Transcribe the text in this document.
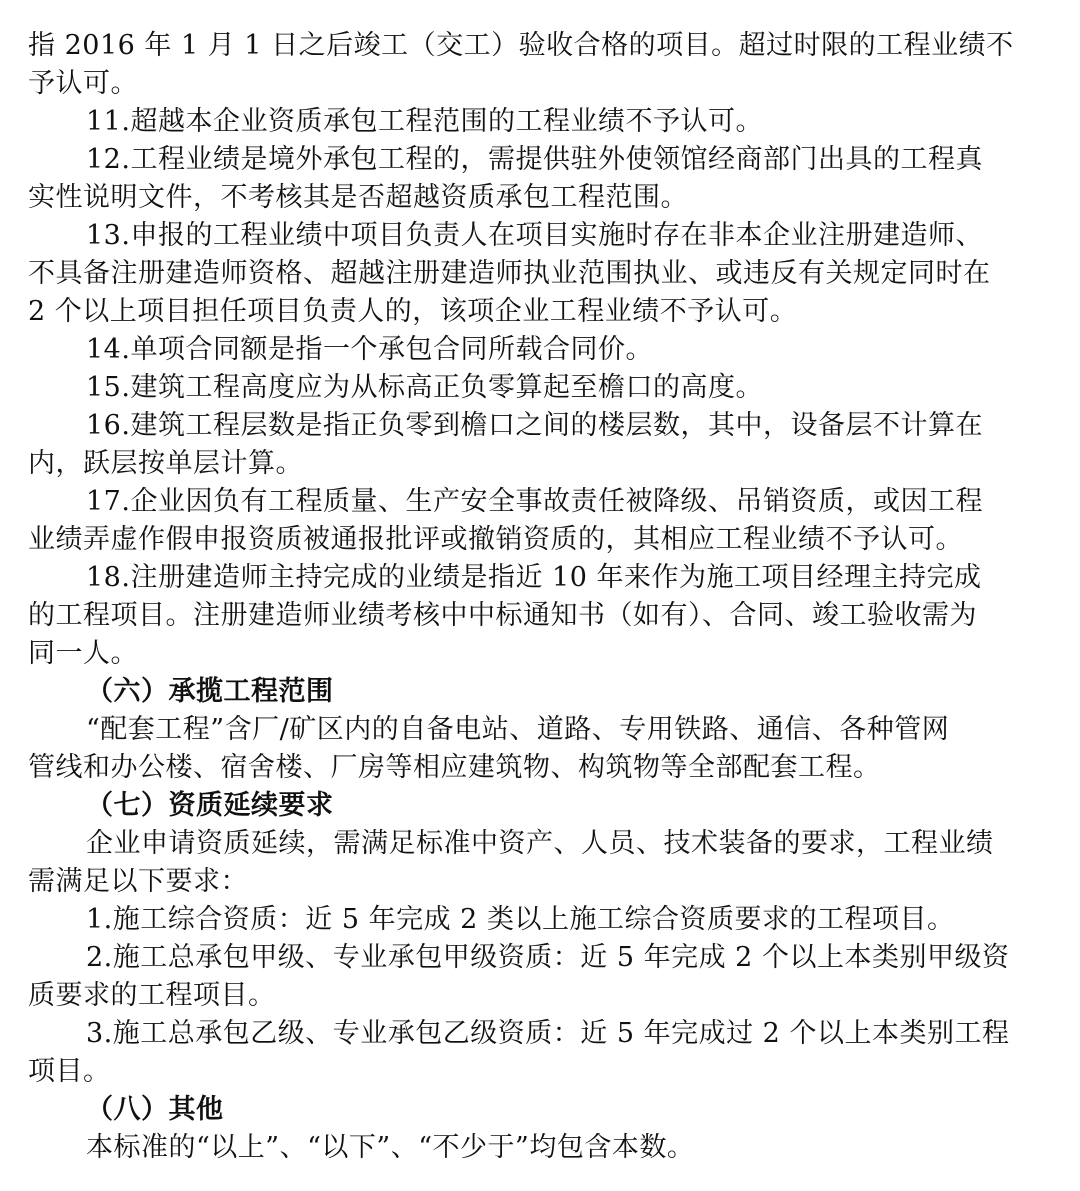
指 2016 年 1 月 1 日之后竣工（交工）验收合格的项目。超过时限的工程业绩不
予认可。
11.超越本企业资质承包工程范围的工程业绩不予认可。
12.工程业绩是境外承包工程的，需提供驻外使领馆经商部门出具的工程真
实性说明文件，不考核其是否超越资质承包工程范围。
13.申报的工程业绩中项目负责人在项目实施时存在非本企业注册建造师、
不具备注册建造师资格、超越注册建造师执业范围执业、或违反有关规定同时在
2 个以上项目担任项目负责人的，该项企业工程业绩不予认可。
14.单项合同额是指一个承包合同所载合同价。
15.建筑工程高度应为从标高正负零算起至檐口的高度。
16.建筑工程层数是指正负零到檐口之间的楼层数，其中，设备层不计算在
内，跃层按单层计算。
17.企业因负有工程质量、生产安全事故责任被降级、吊销资质，或因工程
业绩弄虚作假申报资质被通报批评或撤销资质的，其相应工程业绩不予认可。
18.注册建造师主持完成的业绩是指近 10 年来作为施工项目经理主持完成
的工程项目。注册建造师业绩考核中中标通知书（如有）、合同、竣工验收需为
同一人。
（六）承揽工程范围
“配套工程”含厂/矿区内的自备电站、道路、专用铁路、通信、各种管网
管线和办公楼、宿舍楼、厂房等相应建筑物、构筑物等全部配套工程。
（七）资质延续要求
企业申请资质延续，需满足标准中资产、人员、技术装备的要求，工程业绩
需满足以下要求：
1.施工综合资质：近 5 年完成 2 类以上施工综合资质要求的工程项目。
2.施工总承包甲级、专业承包甲级资质：近 5 年完成 2 个以上本类别甲级资
质要求的工程项目。
3.施工总承包乙级、专业承包乙级资质：近 5 年完成过 2 个以上本类别工程
项目。
（八）其他
本标准的“以上”、“以下”、“不少于”均包含本数。
